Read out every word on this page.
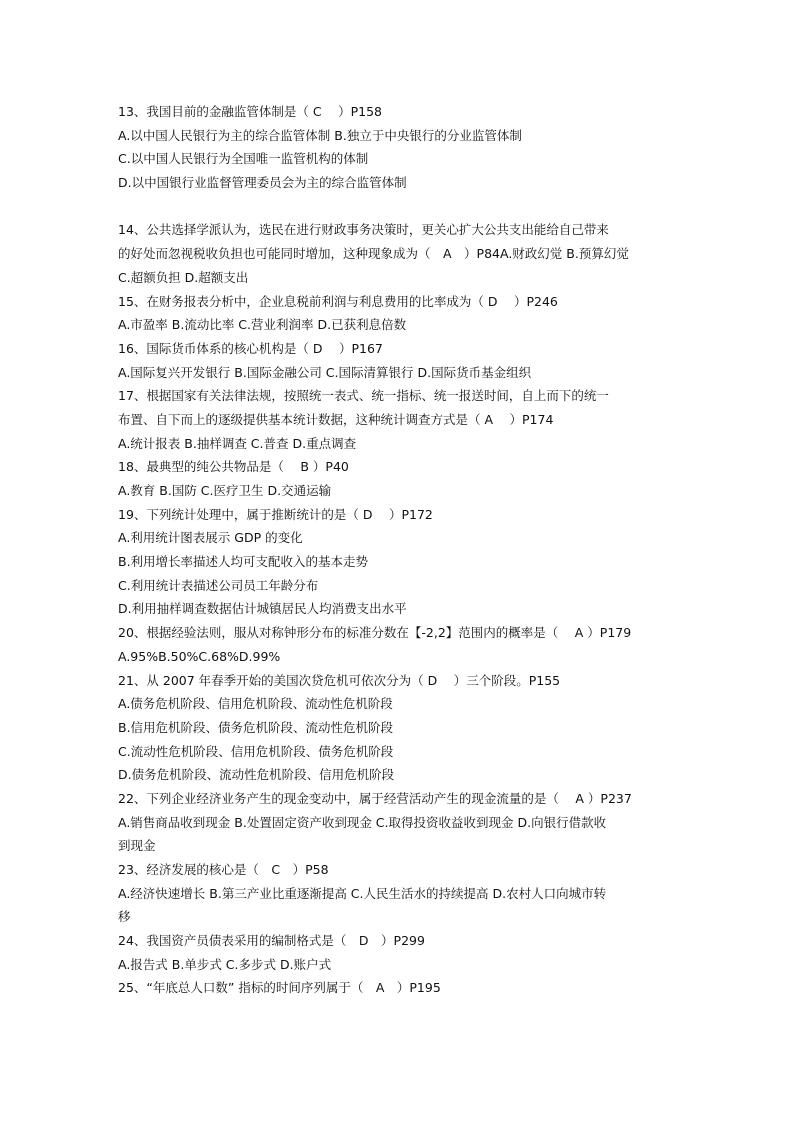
13、我国目前的金融监管体制是（ C　 ）P158
A.以中国人民银行为主的综合监管体制 B.独立于中央银行的分业监管体制
C.以中国人民银行为全国唯一监管机构的体制
D.以中国银行业监督管理委员会为主的综合监管体制
14、公共选择学派认为，选民在进行财政事务决策时，更关心扩大公共支出能给自己带来
的好处而忽视税收负担也可能同时增加，这种现象成为（　A　）P84A.财政幻觉 B.预算幻觉
C.超额负担 D.超额支出
15、在财务报表分析中，企业息税前利润与利息费用的比率成为（ D　 ）P246
A.市盈率 B.流动比率 C.营业利润率 D.已获利息倍数
16、国际货币体系的核心机构是（ D　 ）P167
A.国际复兴开发银行 B.国际金融公司 C.国际清算银行 D.国际货币基金组织
17、根据国家有关法律法规，按照统一表式、统一指标、统一报送时间，自上而下的统一
布置、自下而上的逐级提供基本统计数据，这种统计调查方式是（ A　 ）P174
A.统计报表 B.抽样调查 C.普查 D.重点调查
18、最典型的纯公共物品是（　 B ）P40
A.教育 B.国防 C.医疗卫生 D.交通运输
19、下列统计处理中，属于推断统计的是（ D　 ）P172
A.利用统计图表展示 GDP 的变化
B.利用增长率描述人均可支配收入的基本走势
C.利用统计表描述公司员工年龄分布
D.利用抽样调查数据估计城镇居民人均消费支出水平
20、根据经验法则，服从对称钟形分布的标准分数在【-2,2】范围内的概率是（　 A ）P179
A.95%B.50%C.68%D.99%
21、从 2007 年春季开始的美国次贷危机可依次分为（ D　 ）三个阶段。P155
A.债务危机阶段、信用危机阶段、流动性危机阶段
B.信用危机阶段、债务危机阶段、流动性危机阶段
C.流动性危机阶段、信用危机阶段、债务危机阶段
D.债务危机阶段、流动性危机阶段、信用危机阶段
22、下列企业经济业务产生的现金变动中，属于经营活动产生的现金流量的是（　 A ）P237
A.销售商品收到现金 B.处置固定资产收到现金 C.取得投资收益收到现金 D.向银行借款收
到现金
23、经济发展的核心是（　C　）P58
A.经济快速增长 B.第三产业比重逐渐提高 C.人民生活水的持续提高 D.农村人口向城市转
移
24、我国资产员债表采用的编制格式是（　D　）P299
A.报告式 B.单步式 C.多步式 D.账户式
25、“年底总人口数” 指标的时间序列属于（　A　）P195
